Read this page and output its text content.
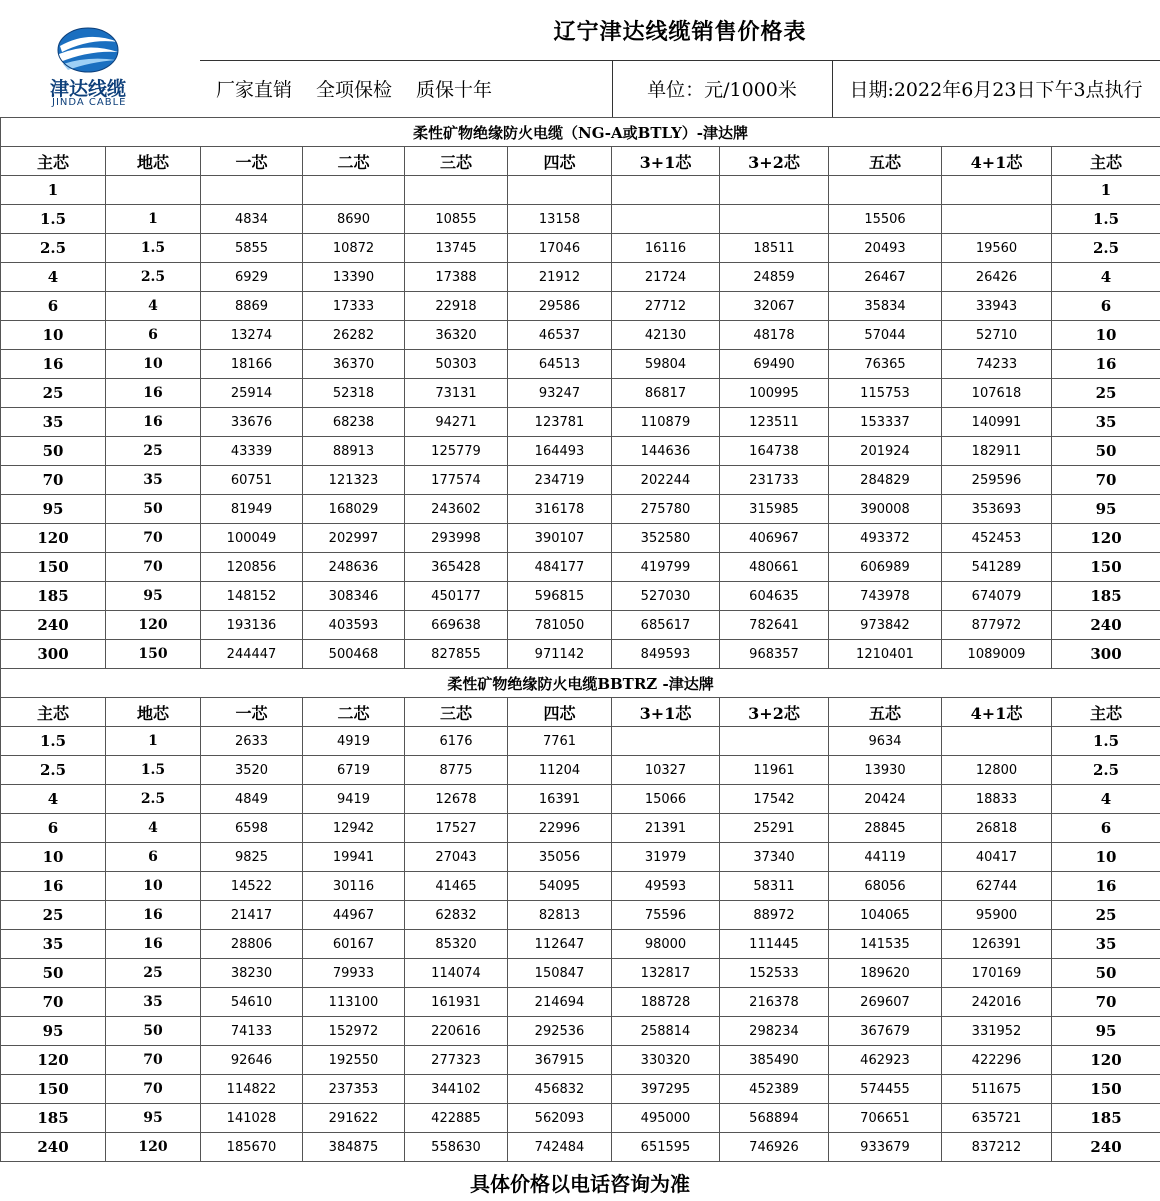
津达线缆
JINDA CABLE
辽宁津达线缆销售价格表
厂家直销 全项保检 质保十年	单位：元/1000米	日期:2022年6月23日下午3点执行
柔性矿物绝缘防火电缆（NG-A或BTLY）-津达牌										
主芯	地芯	一芯	二芯	三芯	四芯	3+1芯	3+2芯	五芯	4+1芯	主芯
1										1
1.5	1	4834	8690	10855	13158			15506		1.5
2.5	1.5	5855	10872	13745	17046	16116	18511	20493	19560	2.5
4	2.5	6929	13390	17388	21912	21724	24859	26467	26426	4
6	4	8869	17333	22918	29586	27712	32067	35834	33943	6
10	6	13274	26282	36320	46537	42130	48178	57044	52710	10
16	10	18166	36370	50303	64513	59804	69490	76365	74233	16
25	16	25914	52318	73131	93247	86817	100995	115753	107618	25
35	16	33676	68238	94271	123781	110879	123511	153337	140991	35
50	25	43339	88913	125779	164493	144636	164738	201924	182911	50
70	35	60751	121323	177574	234719	202244	231733	284829	259596	70
95	50	81949	168029	243602	316178	275780	315985	390008	353693	95
120	70	100049	202997	293998	390107	352580	406967	493372	452453	120
150	70	120856	248636	365428	484177	419799	480661	606989	541289	150
185	95	148152	308346	450177	596815	527030	604635	743978	674079	185
240	120	193136	403593	669638	781050	685617	782641	973842	877972	240
300	150	244447	500468	827855	971142	849593	968357	1210401	1089009	300
柔性矿物绝缘防火电缆BBTRZ -津达牌										
主芯	地芯	一芯	二芯	三芯	四芯	3+1芯	3+2芯	五芯	4+1芯	主芯
1.5	1	2633	4919	6176	7761			9634		1.5
2.5	1.5	3520	6719	8775	11204	10327	11961	13930	12800	2.5
4	2.5	4849	9419	12678	16391	15066	17542	20424	18833	4
6	4	6598	12942	17527	22996	21391	25291	28845	26818	6
10	6	9825	19941	27043	35056	31979	37340	44119	40417	10
16	10	14522	30116	41465	54095	49593	58311	68056	62744	16
25	16	21417	44967	62832	82813	75596	88972	104065	95900	25
35	16	28806	60167	85320	112647	98000	111445	141535	126391	35
50	25	38230	79933	114074	150847	132817	152533	189620	170169	50
70	35	54610	113100	161931	214694	188728	216378	269607	242016	70
95	50	74133	152972	220616	292536	258814	298234	367679	331952	95
120	70	92646	192550	277323	367915	330320	385490	462923	422296	120
150	70	114822	237353	344102	456832	397295	452389	574455	511675	150
185	95	141028	291622	422885	562093	495000	568894	706651	635721	185
240	120	185670	384875	558630	742484	651595	746926	933679	837212	240
具体价格以电话咨询为准
